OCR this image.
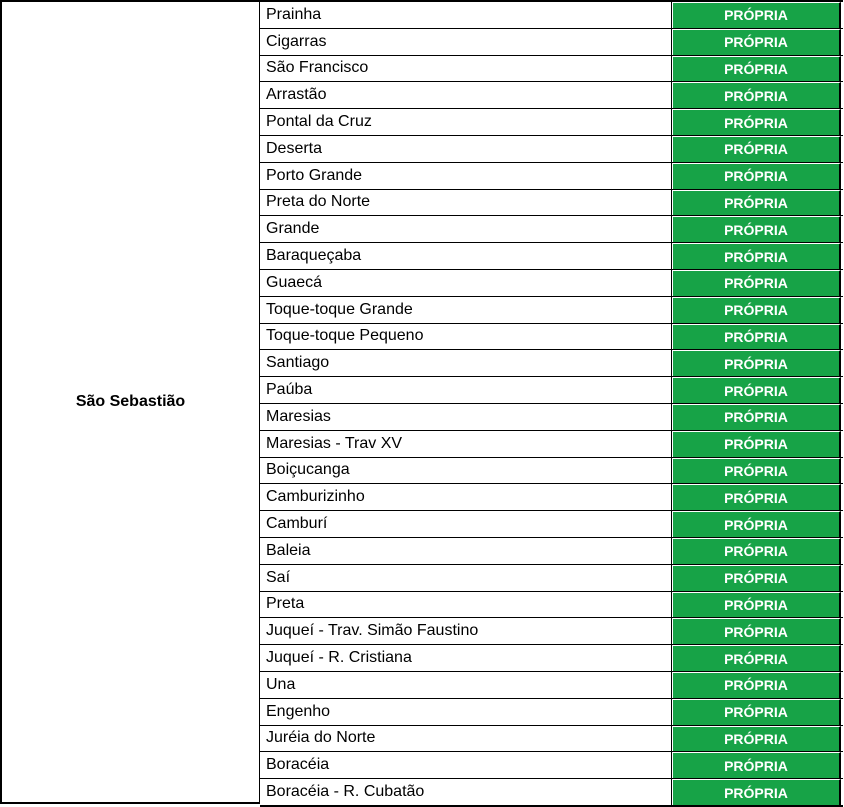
São Sebastião
Prainha	PRÓPRIA
Cigarras	PRÓPRIA
São Francisco	PRÓPRIA
Arrastão	PRÓPRIA
Pontal da Cruz	PRÓPRIA
Deserta	PRÓPRIA
Porto Grande	PRÓPRIA
Preta do Norte	PRÓPRIA
Grande	PRÓPRIA
Baraqueçaba	PRÓPRIA
Guaecá	PRÓPRIA
Toque-toque Grande	PRÓPRIA
Toque-toque Pequeno	PRÓPRIA
Santiago	PRÓPRIA
Paúba	PRÓPRIA
Maresias	PRÓPRIA
Maresias - Trav XV	PRÓPRIA
Boiçucanga	PRÓPRIA
Camburizinho	PRÓPRIA
Camburí	PRÓPRIA
Baleia	PRÓPRIA
Saí	PRÓPRIA
Preta	PRÓPRIA
Juqueí - Trav. Simão Faustino	PRÓPRIA
Juqueí - R. Cristiana	PRÓPRIA
Una	PRÓPRIA
Engenho	PRÓPRIA
Juréia do Norte	PRÓPRIA
Boracéia	PRÓPRIA
Boracéia - R. Cubatão	PRÓPRIA
